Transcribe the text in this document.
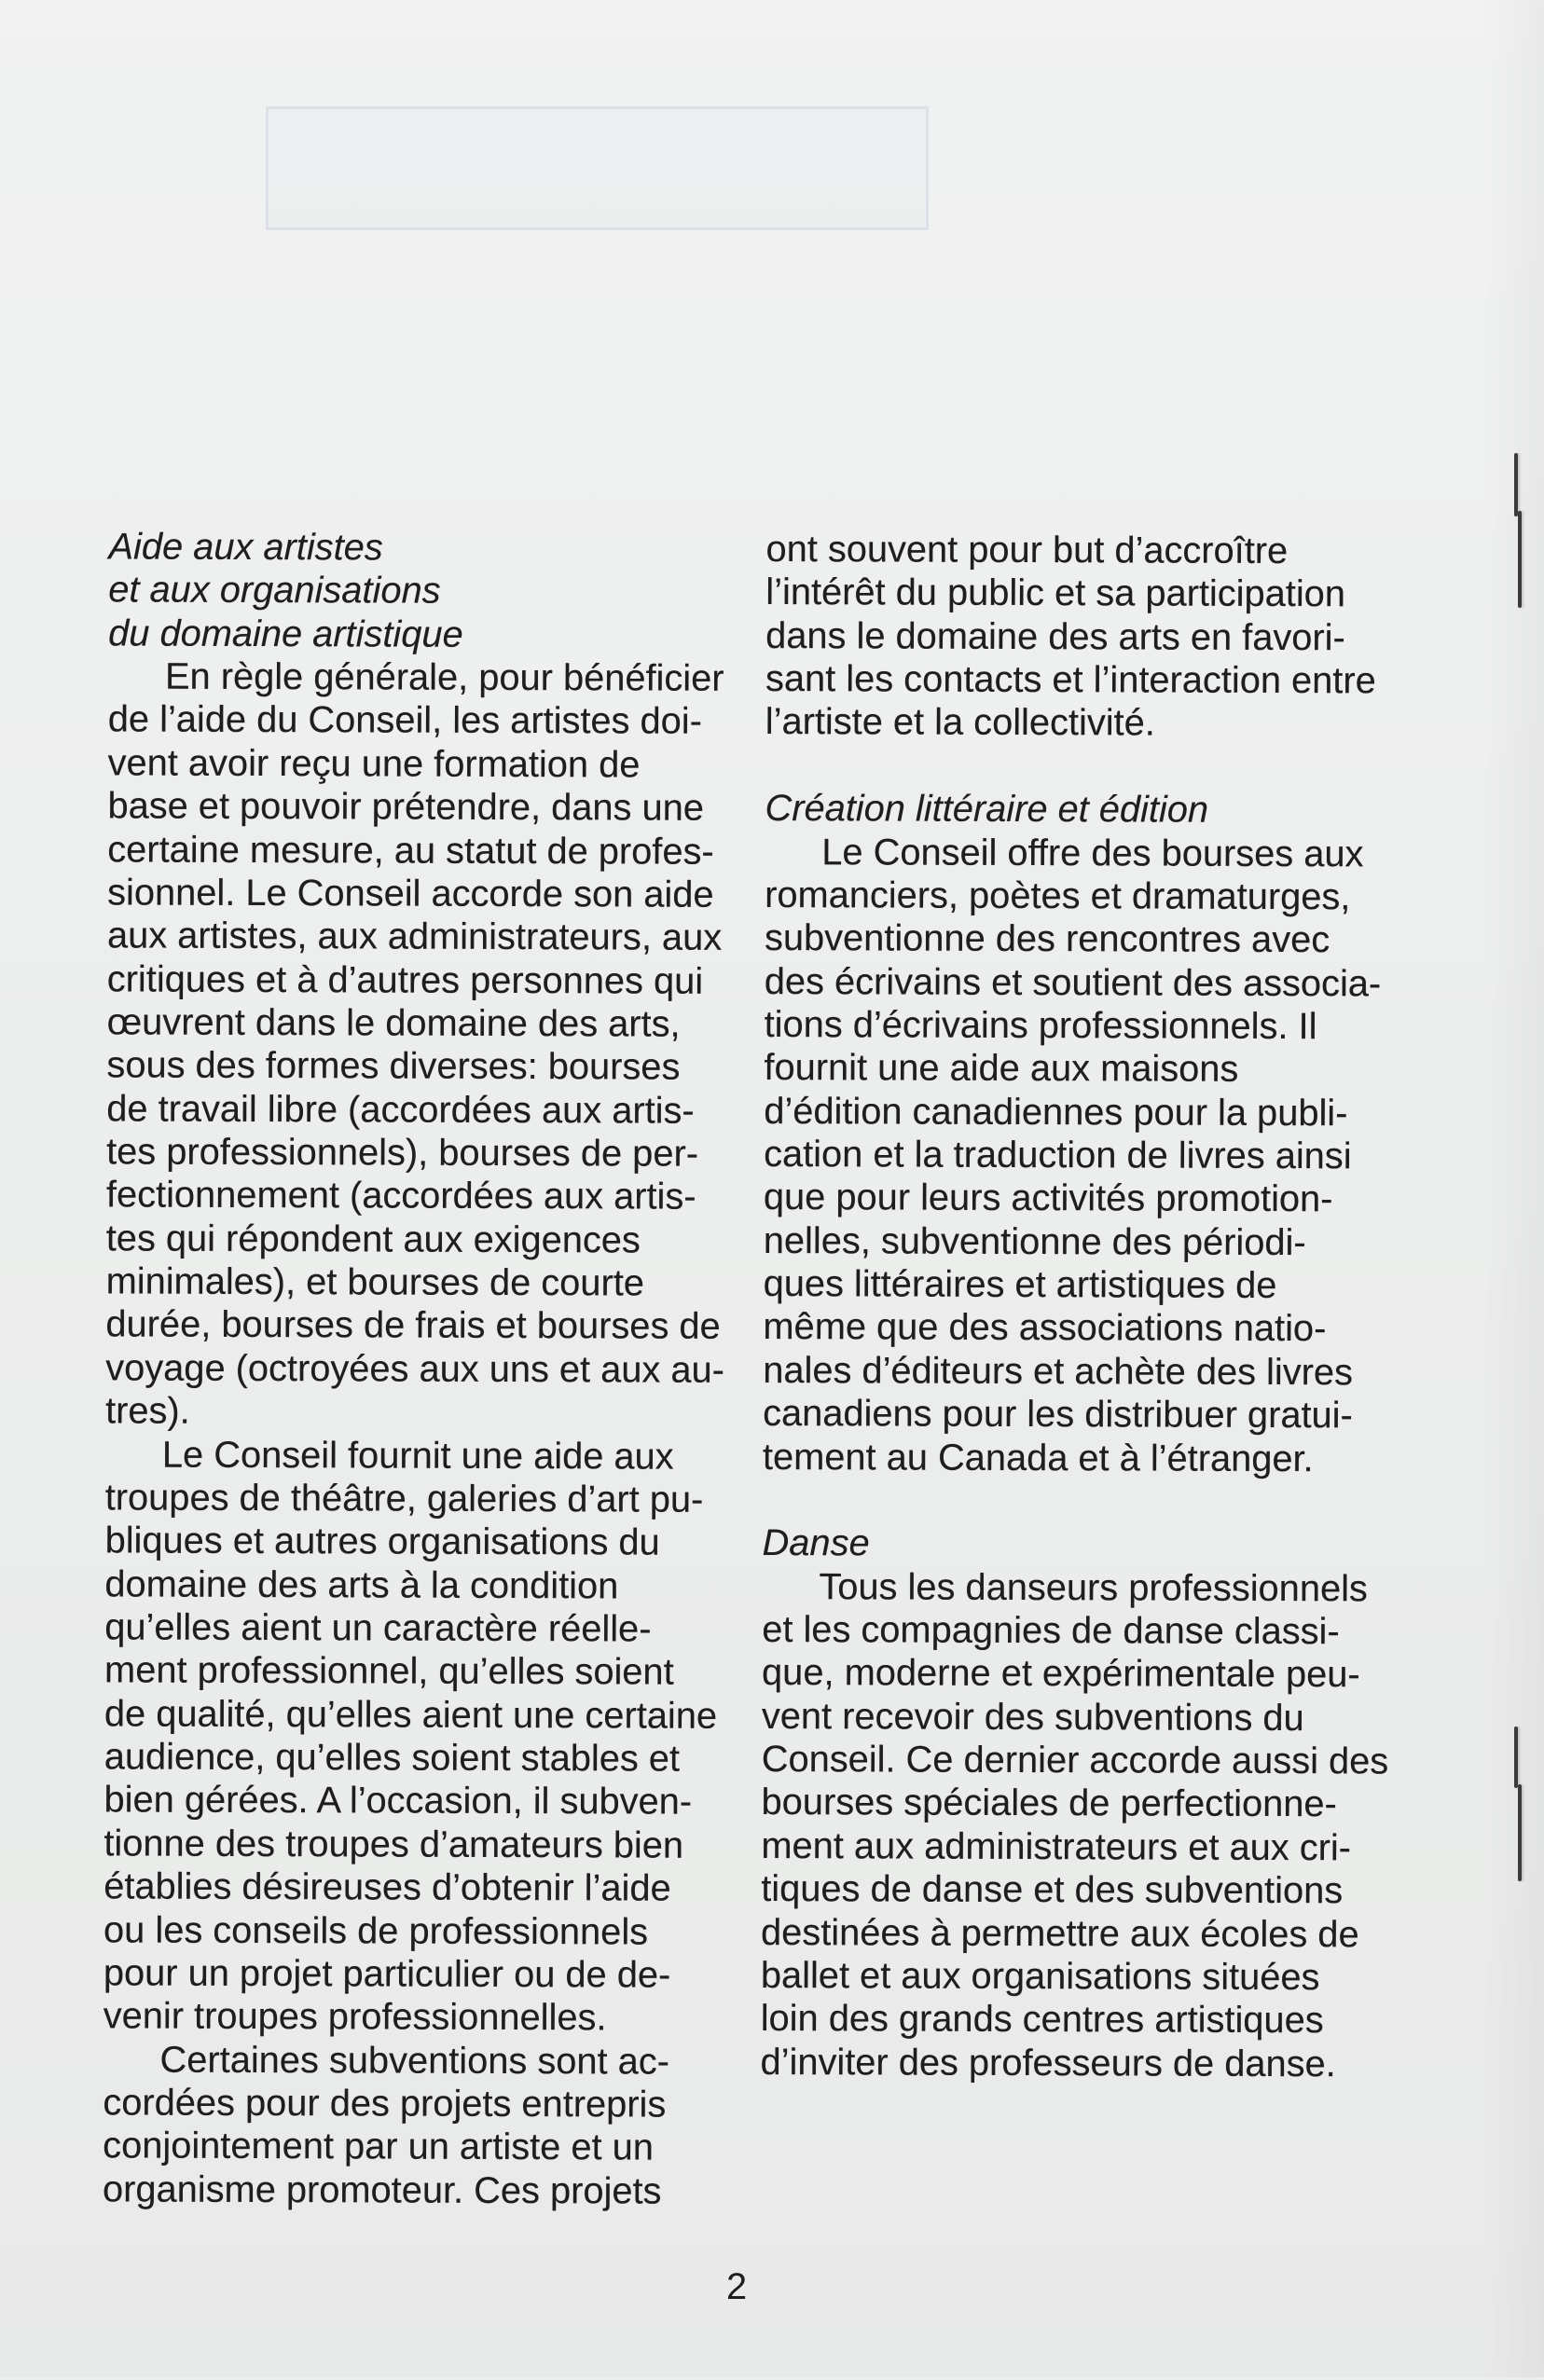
Aide aux artistes
et aux organisations
du domaine artistique
En règle générale, pour bénéficier
de l’aide du Conseil, les artistes doi-
vent avoir reçu une formation de
base et pouvoir prétendre, dans une
certaine mesure, au statut de profes-
sionnel. Le Conseil accorde son aide
aux artistes, aux administrateurs, aux
critiques et à d’autres personnes qui
œuvrent dans le domaine des arts,
sous des formes diverses: bourses
de travail libre (accordées aux artis-
tes professionnels), bourses de per-
fectionnement (accordées aux artis-
tes qui répondent aux exigences
minimales), et bourses de courte
durée, bourses de frais et bourses de
voyage (octroyées aux uns et aux au-
tres).
Le Conseil fournit une aide aux
troupes de théâtre, galeries d’art pu-
bliques et autres organisations du
domaine des arts à la condition
qu’elles aient un caractère réelle-
ment professionnel, qu’elles soient
de qualité, qu’elles aient une certaine
audience, qu’elles soient stables et
bien gérées. A l’occasion, il subven-
tionne des troupes d’amateurs bien
établies désireuses d’obtenir l’aide
ou les conseils de professionnels
pour un projet particulier ou de de-
venir troupes professionnelles.
Certaines subventions sont ac-
cordées pour des projets entrepris
conjointement par un artiste et un
organisme promoteur. Ces projets
ont souvent pour but d’accroître
l’intérêt du public et sa participation
dans le domaine des arts en favori-
sant les contacts et l’interaction entre
l’artiste et la collectivité.
Création littéraire et édition
Le Conseil offre des bourses aux
romanciers, poètes et dramaturges,
subventionne des rencontres avec
des écrivains et soutient des associa-
tions d’écrivains professionnels. Il
fournit une aide aux maisons
d’édition canadiennes pour la publi-
cation et la traduction de livres ainsi
que pour leurs activités promotion-
nelles, subventionne des périodi-
ques littéraires et artistiques de
même que des associations natio-
nales d’éditeurs et achète des livres
canadiens pour les distribuer gratui-
tement au Canada et à l’étranger.
Danse
Tous les danseurs professionnels
et les compagnies de danse classi-
que, moderne et expérimentale peu-
vent recevoir des subventions du
Conseil. Ce dernier accorde aussi des
bourses spéciales de perfectionne-
ment aux administrateurs et aux cri-
tiques de danse et des subventions
destinées à permettre aux écoles de
ballet et aux organisations situées
loin des grands centres artistiques
d’inviter des professeurs de danse.
2
